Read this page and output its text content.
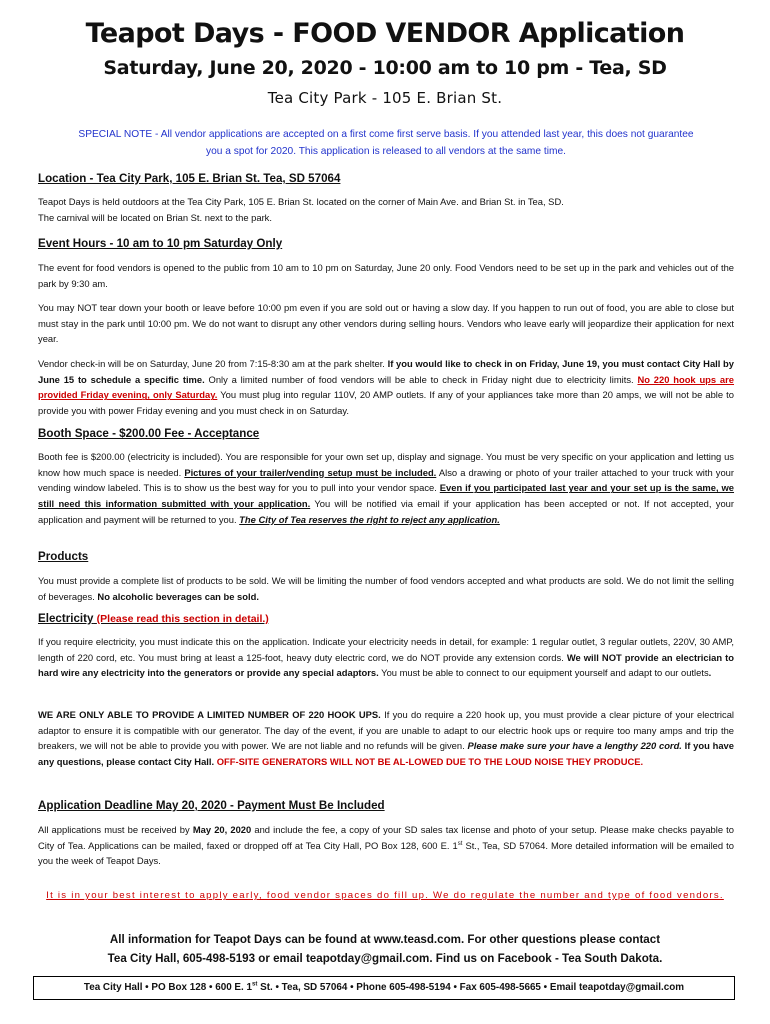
Teapot Days - FOOD VENDOR Application
Saturday, June 20, 2020 - 10:00 am to 10 pm - Tea, SD
Tea City Park - 105 E. Brian St.
SPECIAL NOTE - All vendor applications are accepted on a first come first serve basis. If you attended last year, this does not guarantee
you a spot for 2020. This application is released to all vendors at the same time.
Location - Tea City Park, 105 E. Brian St. Tea, SD 57064
Teapot Days is held outdoors at the Tea City Park, 105 E. Brian St. located on the corner of Main Ave. and Brian St. in Tea, SD.
The carnival will be located on Brian St. next to the park.
Event Hours - 10 am to 10 pm Saturday Only
The event for food vendors is opened to the public from 10 am to 10 pm on Saturday, June 20 only. Food Vendors need to be set up in the park and vehicles out of the park by 9:30 am.
You may NOT tear down your booth or leave before 10:00 pm even if you are sold out or having a slow day. If you happen to run out of food, you are able to close but must stay in the park until 10:00 pm. We do not want to disrupt any other vendors during selling hours. Vendors who leave early will jeopardize their application for next year.
Vendor check-in will be on Saturday, June 20 from 7:15-8:30 am at the park shelter. If you would like to check in on Friday, June 19, you must contact City Hall by June 15 to schedule a specific time. Only a limited number of food vendors will be able to check in Friday night due to electricity limits. No 220 hook ups are provided Friday evening, only Saturday. You must plug into regular 110V, 20 AMP outlets. If any of your appliances take more than 20 amps, we will not be able to provide you with power Friday evening and you must check in on Saturday.
Booth Space - $200.00 Fee - Acceptance
Booth fee is $200.00 (electricity is included). You are responsible for your own set up, display and signage. You must be very specific on your application and letting us know how much space is needed. Pictures of your trailer/vending setup must be included. Also a drawing or photo of your trailer attached to your truck with your vending window labeled. This is to show us the best way for you to pull into your vendor space. Even if you participated last year and your set up is the same, we still need this information submitted with your application. You will be notified via email if your application has been accepted or not. If not accepted, your application and payment will be returned to you. The City of Tea reserves the right to reject any application.
Products
You must provide a complete list of products to be sold. We will be limiting the number of food vendors accepted and what products are sold. We do not limit the selling of beverages. No alcoholic beverages can be sold.
Electricity (Please read this section in detail.)
If you require electricity, you must indicate this on the application. Indicate your electricity needs in detail, for example: 1 regular outlet, 3 regular outlets, 220V, 30 AMP, length of 220 cord, etc. You must bring at least a 125-foot, heavy duty electric cord, we do NOT provide any extension cords. We will NOT provide an electrician to hard wire any electricity into the generators or provide any special adaptors. You must be able to connect to our equipment yourself and adapt to our outlets.
WE ARE ONLY ABLE TO PROVIDE A LIMITED NUMBER OF 220 HOOK UPS. If you do require a 220 hook up, you must provide a clear picture of your electrical adaptor to ensure it is compatible with our generator. The day of the event, if you are unable to adapt to our electric hook ups or require too many amps and trip the breakers, we will not be able to provide you with power. We are not liable and no refunds will be given. Please make sure your have a lengthy 220 cord. If you have any questions, please contact City Hall. OFF-SITE GENERATORS WILL NOT BE AL-LOWED DUE TO THE LOUD NOISE THEY PRODUCE.
Application Deadline May 20, 2020 - Payment Must Be Included
All applications must be received by May 20, 2020 and include the fee, a copy of your SD sales tax license and photo of your setup. Please make checks payable to City of Tea. Applications can be mailed, faxed or dropped off at Tea City Hall, PO Box 128, 600 E. 1st St., Tea, SD 57064. More detailed information will be emailed to you the week of Teapot Days.
It is in your best interest to apply early, food vendor spaces do fill up. We do regulate the number and type of food vendors.
All information for Teapot Days can be found at www.teasd.com. For other questions please contact
Tea City Hall, 605-498-5193 or email teapotday@gmail.com. Find us on Facebook - Tea South Dakota.
Tea City Hall • PO Box 128 • 600 E. 1st St. • Tea, SD 57064 • Phone 605-498-5194 • Fax 605-498-5665 • Email teapotday@gmail.com
